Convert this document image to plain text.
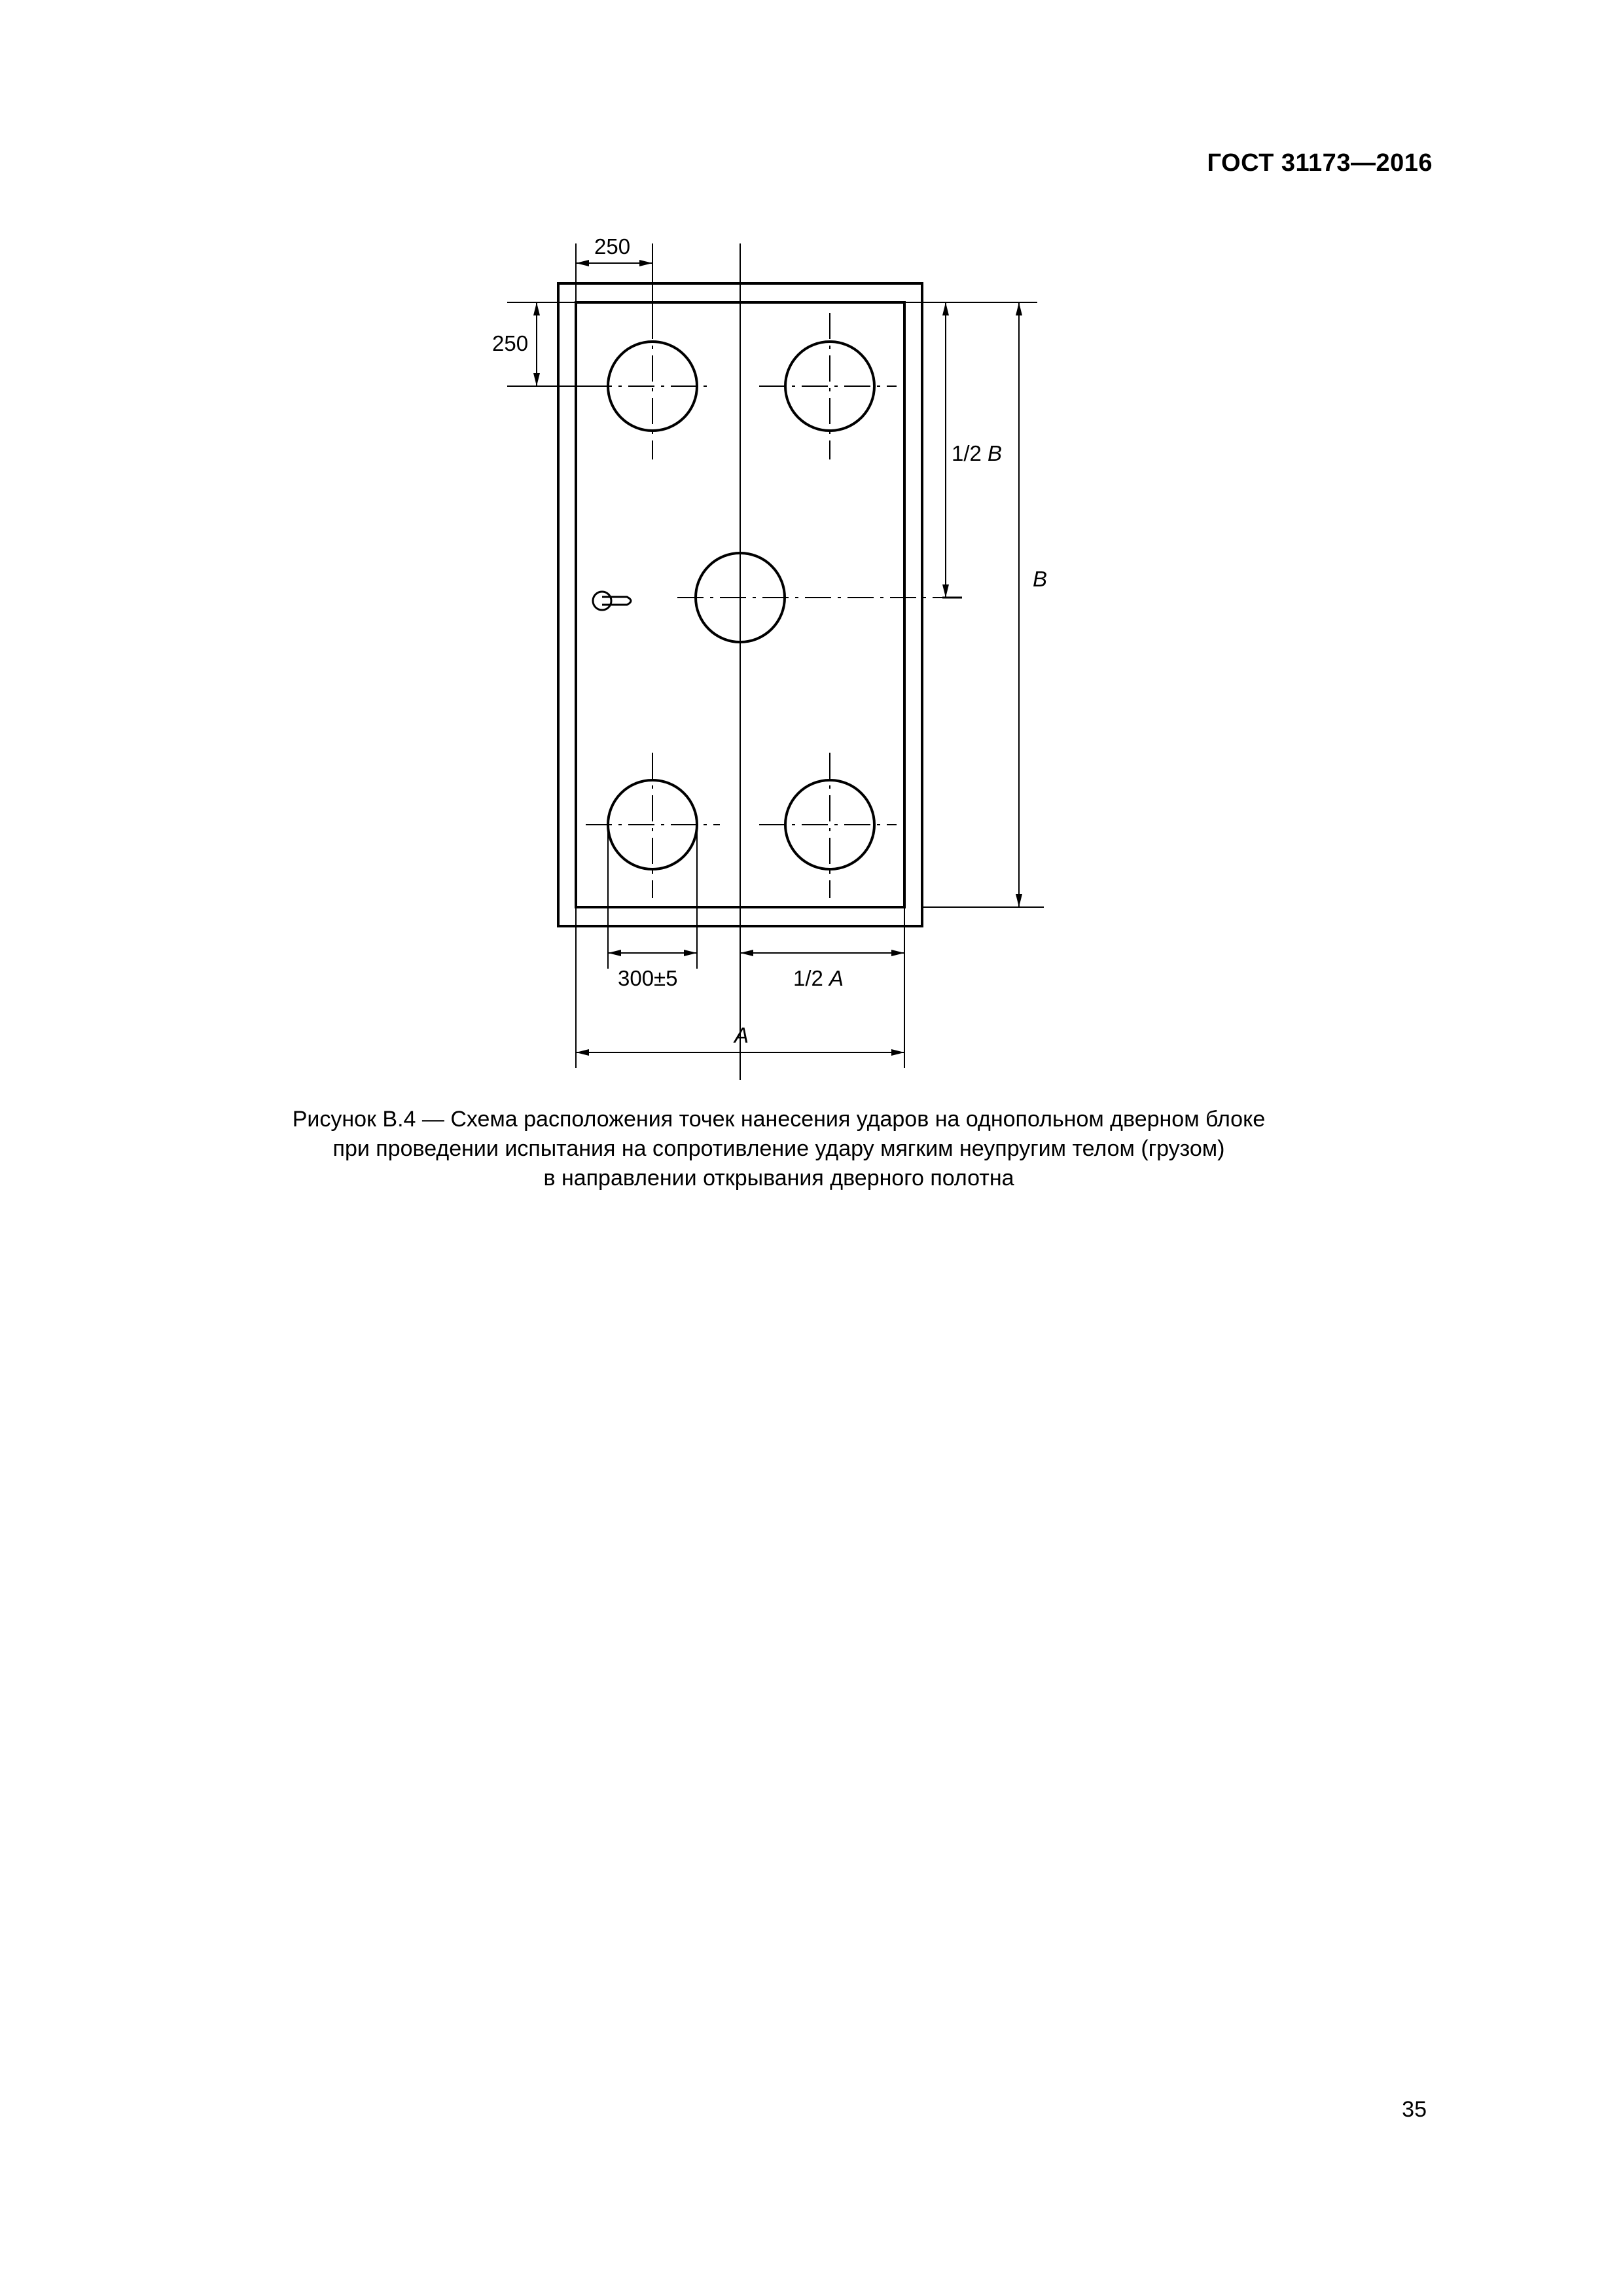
ГОСТ 31173—2016
250
250
1/2 B
B
300±5	1/2 A
A
Рисунок В.4 — Схема расположения точек нанесения ударов на однопольном дверном блоке
при проведении испытания на сопротивление удару мягким неупругим телом (грузом)
в направлении открывания дверного полотна
35
